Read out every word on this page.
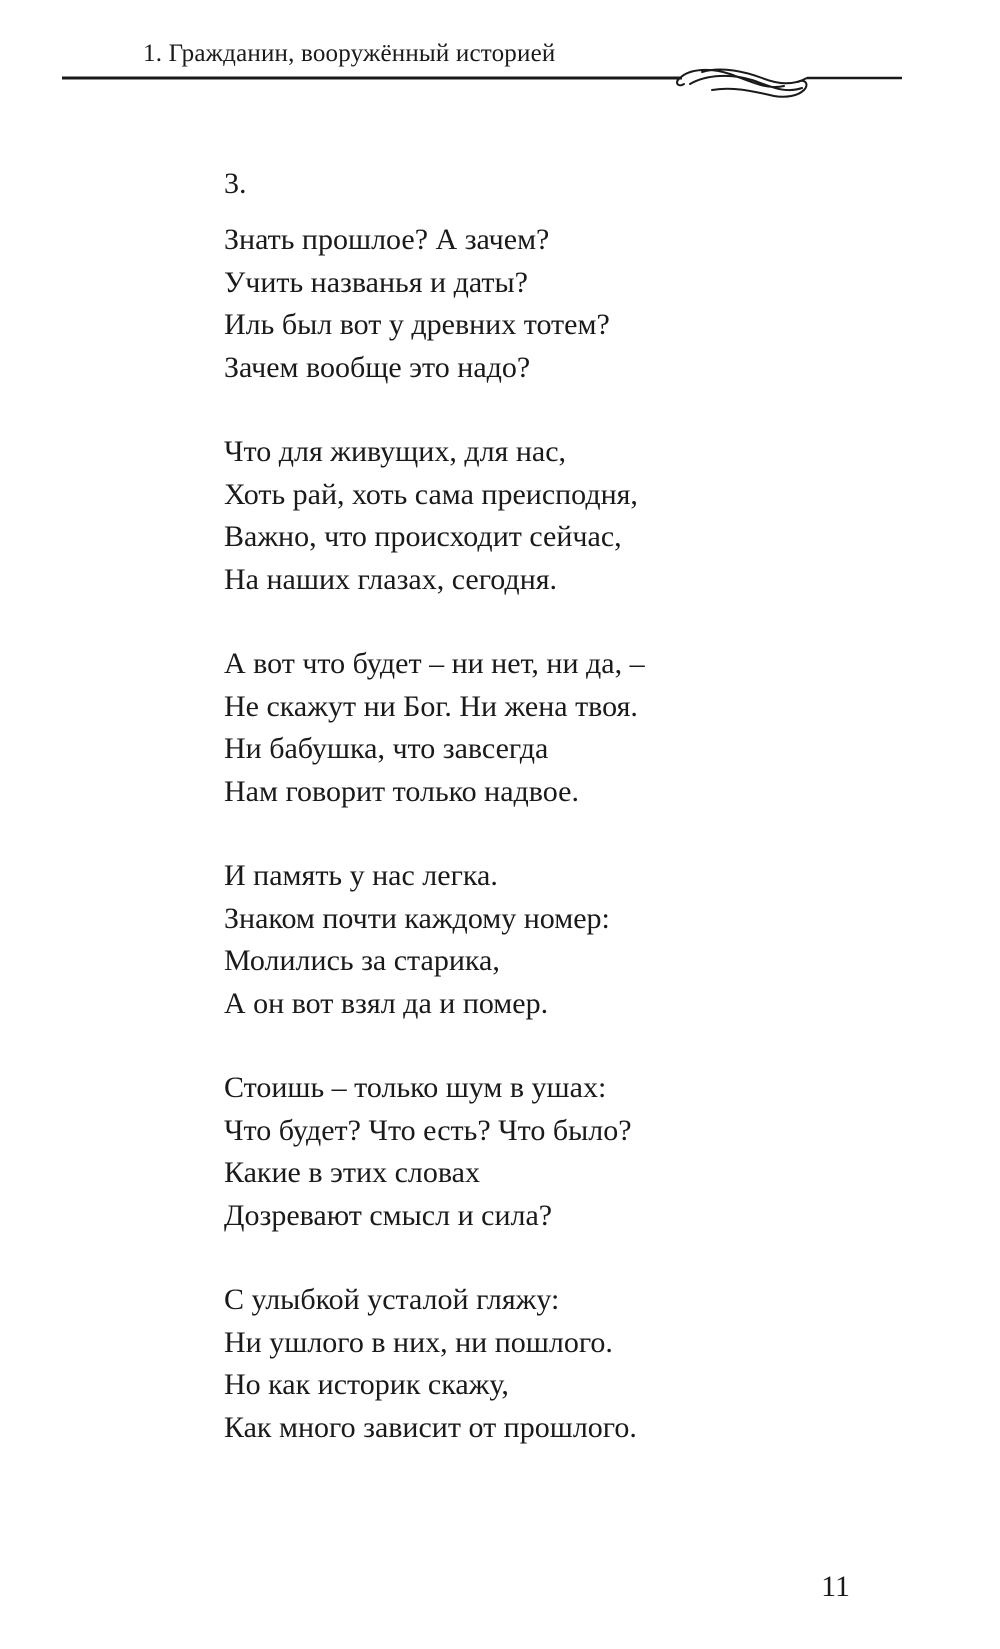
1. Гражданин, вооружённый историей
3.
Знать прошлое? А зачем?
Учить названья и даты?
Иль был вот у древних тотем?
Зачем вообще это надо?
Что для живущих, для нас,
Хоть рай, хоть сама преисподня,
Важно, что происходит сейчас,
На наших глазах, сегодня.
А вот что будет – ни нет, ни да, –
Не скажут ни Бог. Ни жена твоя.
Ни бабушка, что завсегда
Нам говорит только надвое.
И память у нас легка.
Знаком почти каждому номер:
Молились за старика,
А он вот взял да и помер.
Стоишь – только шум в ушах:
Что будет? Что есть? Что было?
Какие в этих словах
Дозревают смысл и сила?
С улыбкой усталой гляжу:
Ни ушлого в них, ни пошлого.
Но как историк скажу,
Как много зависит от прошлого.
11
